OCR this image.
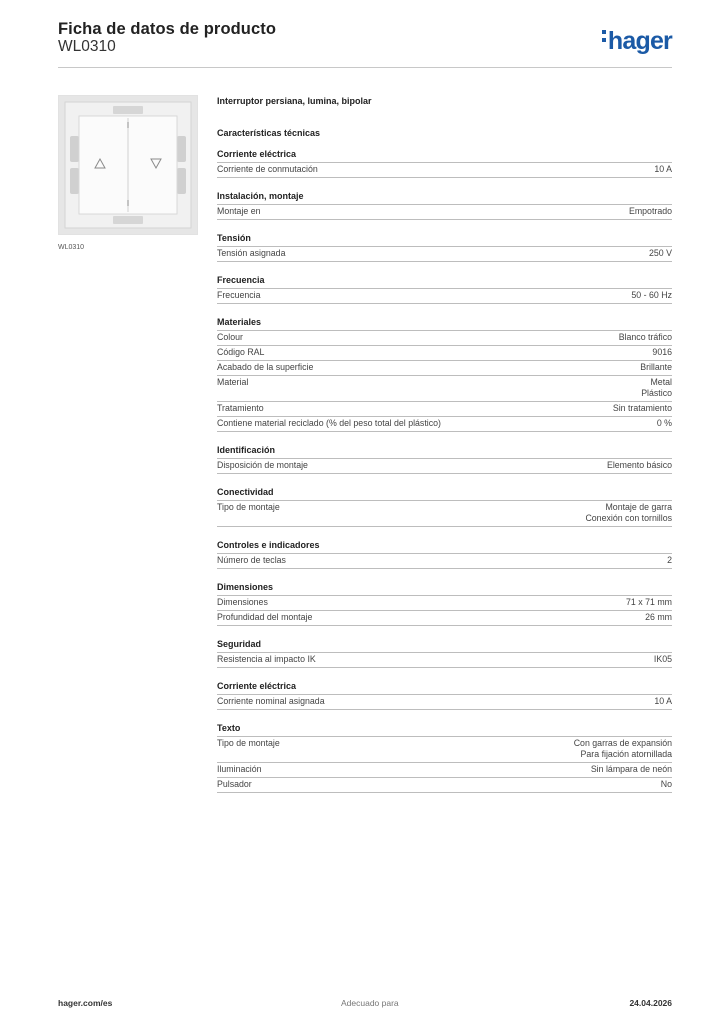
Ficha de datos de producto
WL0310	hager
WL0310
Interruptor persiana, lumina, bipolar
Características técnicas
Corriente eléctrica
Corriente de conmutación	10 A
Instalación, montaje
Montaje en	Empotrado
Tensión
Tensión asignada	250 V
Frecuencia
Frecuencia	50 - 60 Hz
Materiales
Colour	Blanco tráfico
Código RAL	9016
Acabado de la superficie	Brillante
Material	Metal
Plástico
Tratamiento	Sin tratamiento
Contiene material reciclado (% del peso total del plástico)	0 %
Identificación
Disposición de montaje	Elemento básico
Conectividad
Tipo de montaje	Montaje de garra
Conexión con tornillos
Controles e indicadores
Número de teclas	2
Dimensiones
Dimensiones	71 x 71 mm
Profundidad del montaje	26 mm
Seguridad
Resistencia al impacto IK	IK05
Corriente eléctrica
Corriente nominal asignada	10 A
Texto
Tipo de montaje	Con garras de expansión
Para fijación atornillada
Iluminación	Sin lámpara de neón
Pulsador	No
hager.com/es	Adecuado para	24.04.2026
